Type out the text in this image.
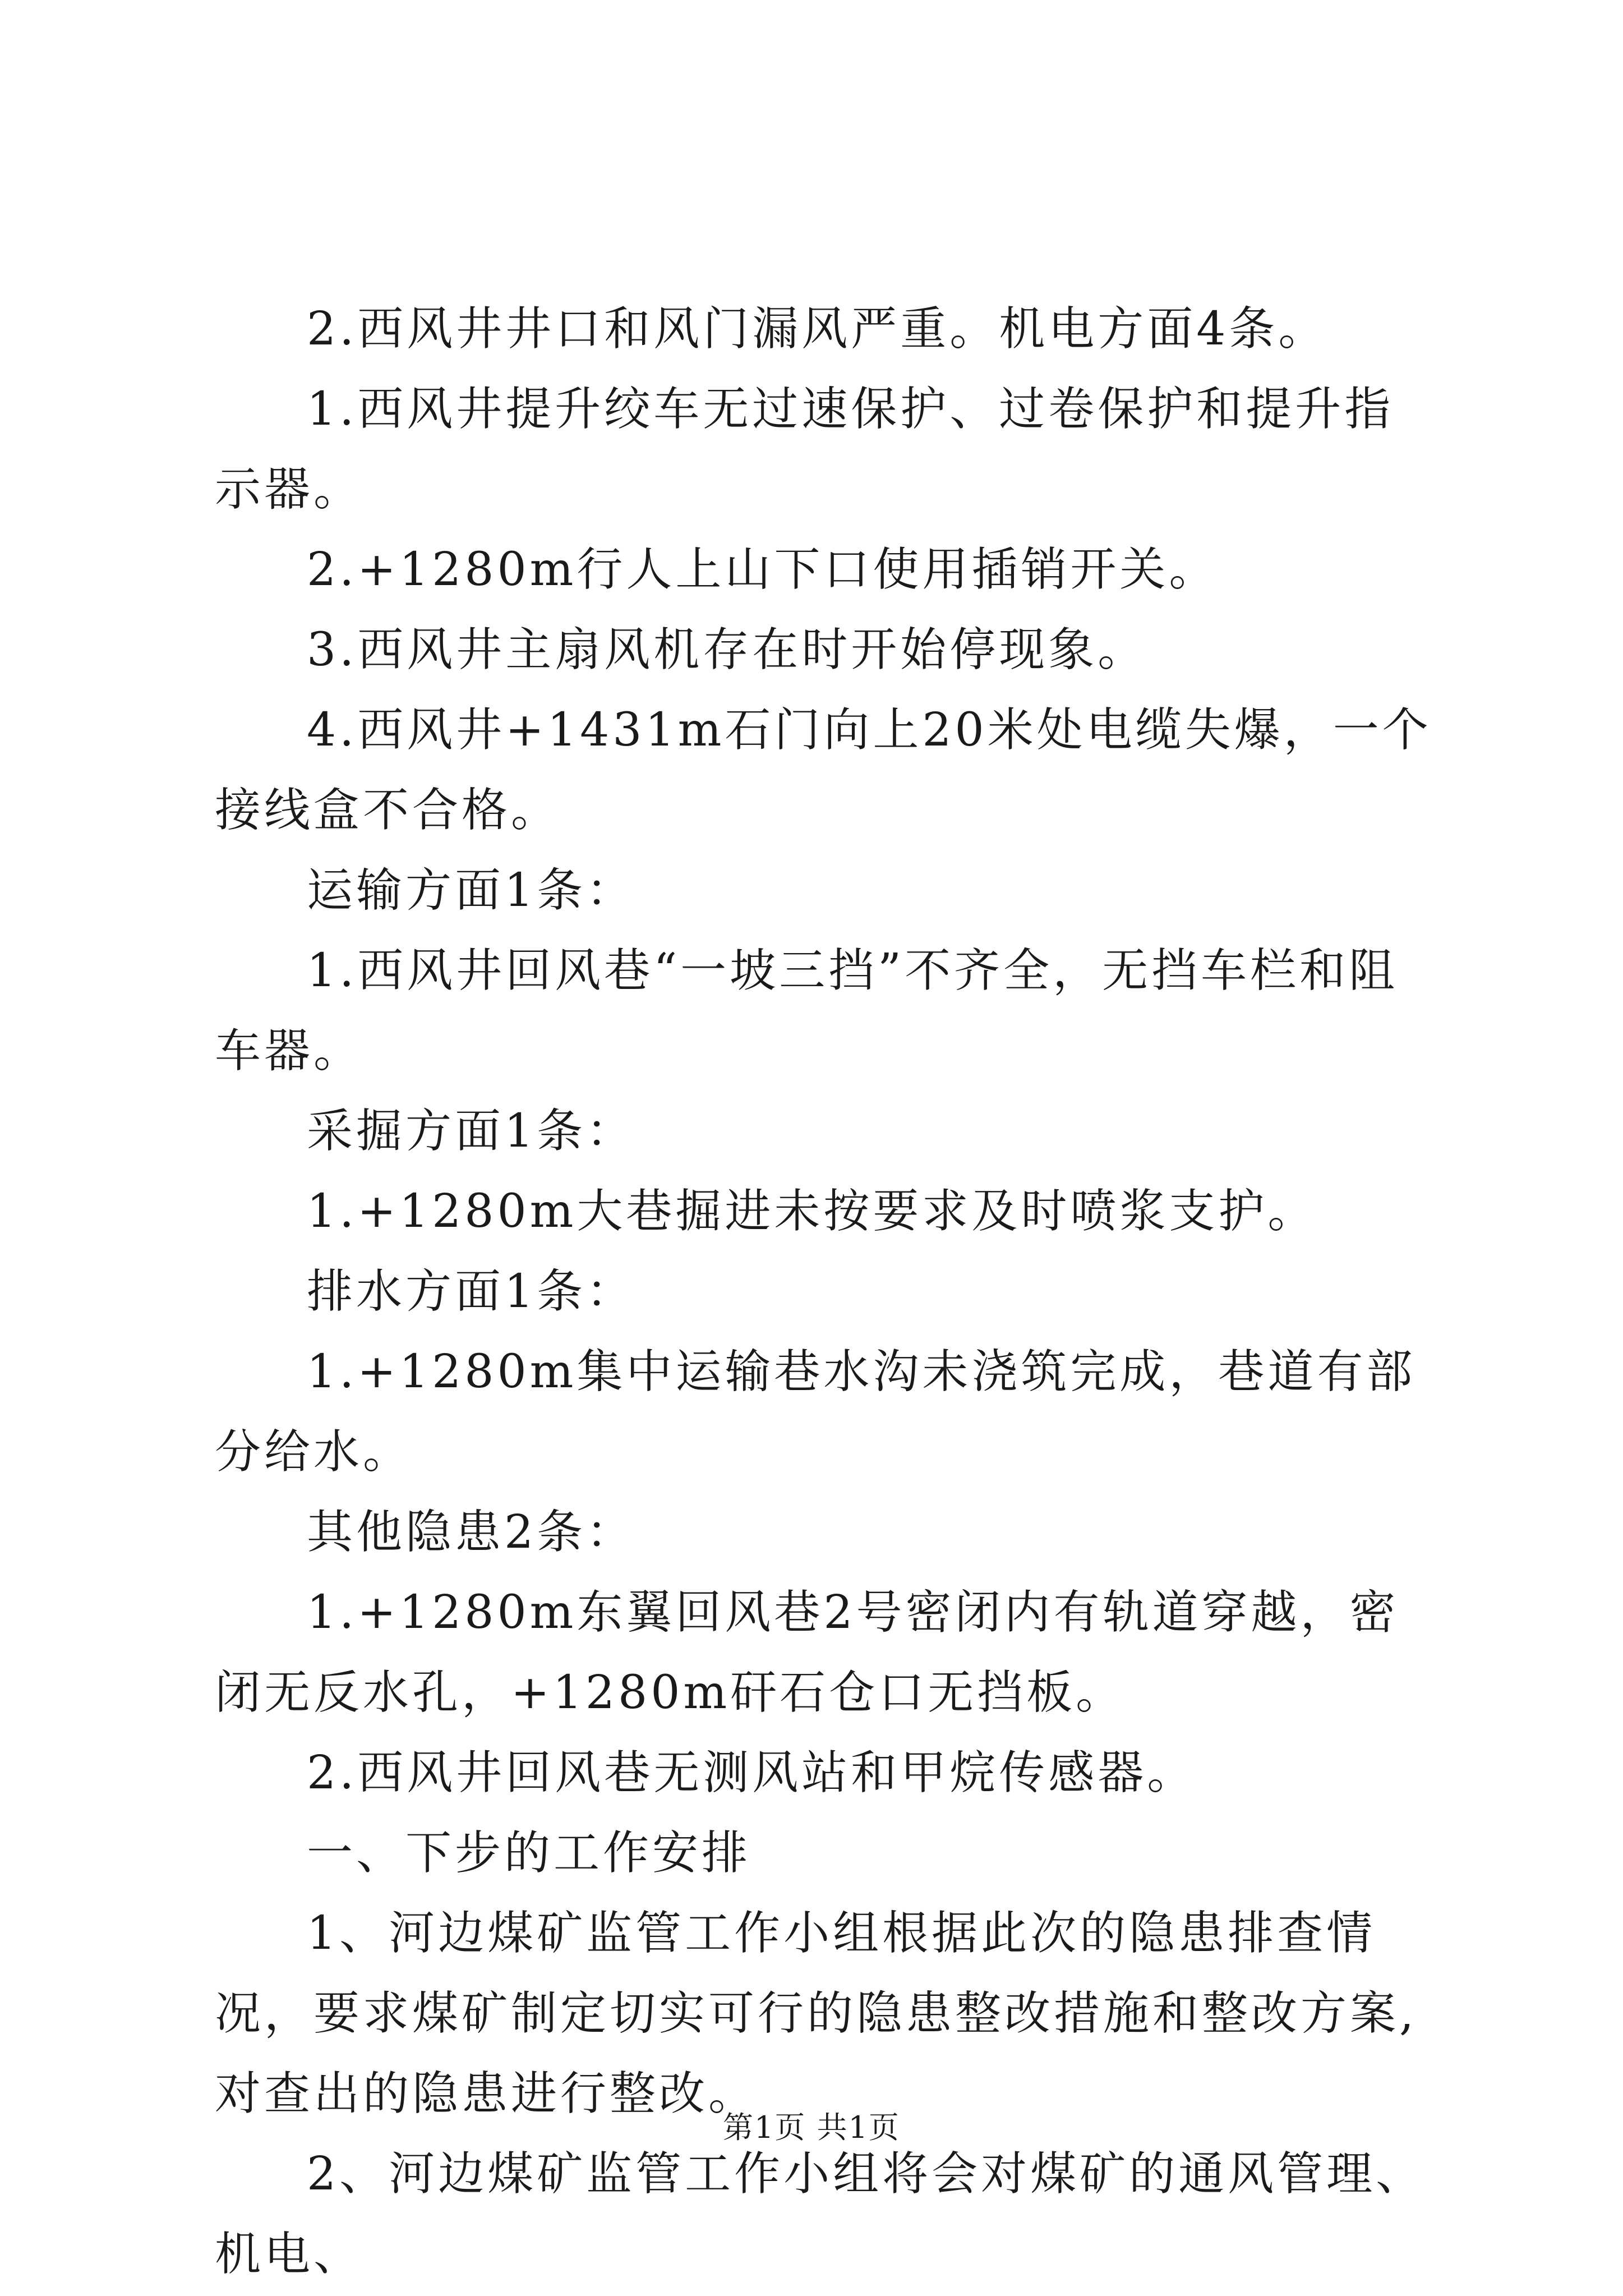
2.西风井井口和风门漏风严重。机电方面4条。

1.西风井提升绞车无过速保护、过卷保护和提升指示器。

2.+1280m行人上山下口使用插销开关。

3.西风井主扇风机存在时开始停现象。

4.西风井+1431m石门向上20米处电缆失爆，一个接线盒不合格。

运输方面1条：

1.西风井回风巷“一坡三挡”不齐全，无挡车栏和阻车器。

采掘方面1条：

1.+1280m大巷掘进未按要求及时喷浆支护。

排水方面1条：

1.+1280m集中运输巷水沟未浇筑完成，巷道有部分给水。

其他隐患2条：

1.+1280m东翼回风巷2号密闭内有轨道穿越，密闭无反水孔，+1280m矸石仓口无挡板。

2.西风井回风巷无测风站和甲烷传感器。

一、下步的工作安排

1、河边煤矿监管工作小组根据此次的隐患排查情况，要求煤矿制定切实可行的隐患整改措施和整改方案,对查出的隐患进行整改。

2、河边煤矿监管工作小组将会对煤矿的通风管理、机电、

第1页 共1页
